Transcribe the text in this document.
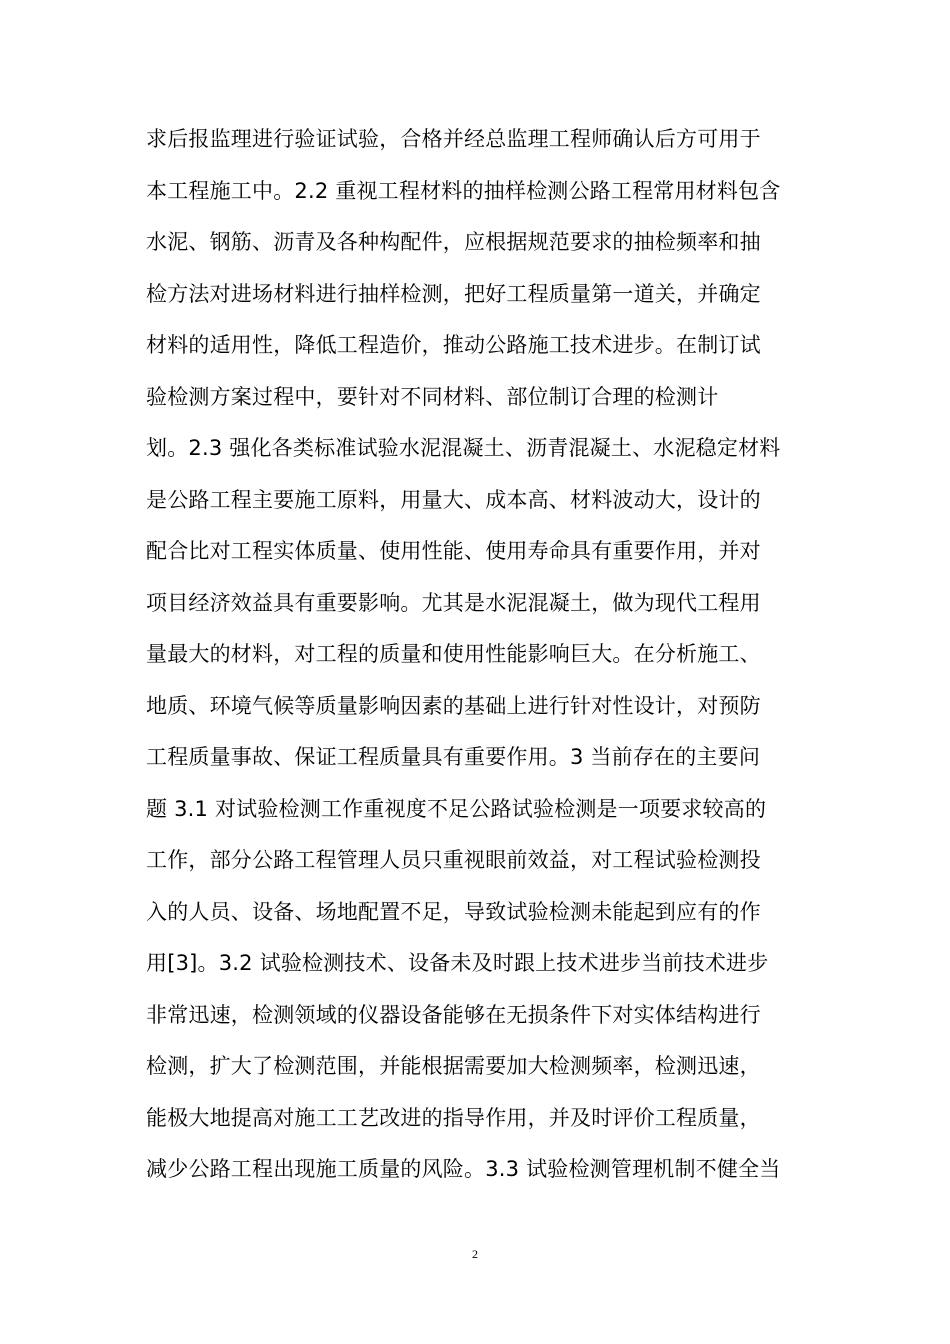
求后报监理进行验证试验，合格并经总监理工程师确认后方可用于
本工程施工中。2.2 重视工程材料的抽样检测公路工程常用材料包含
水泥、钢筋、沥青及各种构配件，应根据规范要求的抽检频率和抽
检方法对进场材料进行抽样检测，把好工程质量第一道关，并确定
材料的适用性，降低工程造价，推动公路施工技术进步。在制订试
验检测方案过程中，要针对不同材料、部位制订合理的检测计
划。2.3 强化各类标准试验水泥混凝土、沥青混凝土、水泥稳定材料
是公路工程主要施工原料，用量大、成本高、材料波动大，设计的
配合比对工程实体质量、使用性能、使用寿命具有重要作用，并对
项目经济效益具有重要影响。尤其是水泥混凝土，做为现代工程用
量最大的材料，对工程的质量和使用性能影响巨大。在分析施工、
地质、环境气候等质量影响因素的基础上进行针对性设计，对预防
工程质量事故、保证工程质量具有重要作用。3 当前存在的主要问
题 3.1 对试验检测工作重视度不足公路试验检测是一项要求较高的
工作，部分公路工程管理人员只重视眼前效益，对工程试验检测投
入的人员、设备、场地配置不足，导致试验检测未能起到应有的作
用[3]。3.2 试验检测技术、设备未及时跟上技术进步当前技术进步
非常迅速，检测领域的仪器设备能够在无损条件下对实体结构进行
检测，扩大了检测范围，并能根据需要加大检测频率，检测迅速，
能极大地提高对施工工艺改进的指导作用，并及时评价工程质量，
减少公路工程出现施工质量的风险。3.3 试验检测管理机制不健全当
2
